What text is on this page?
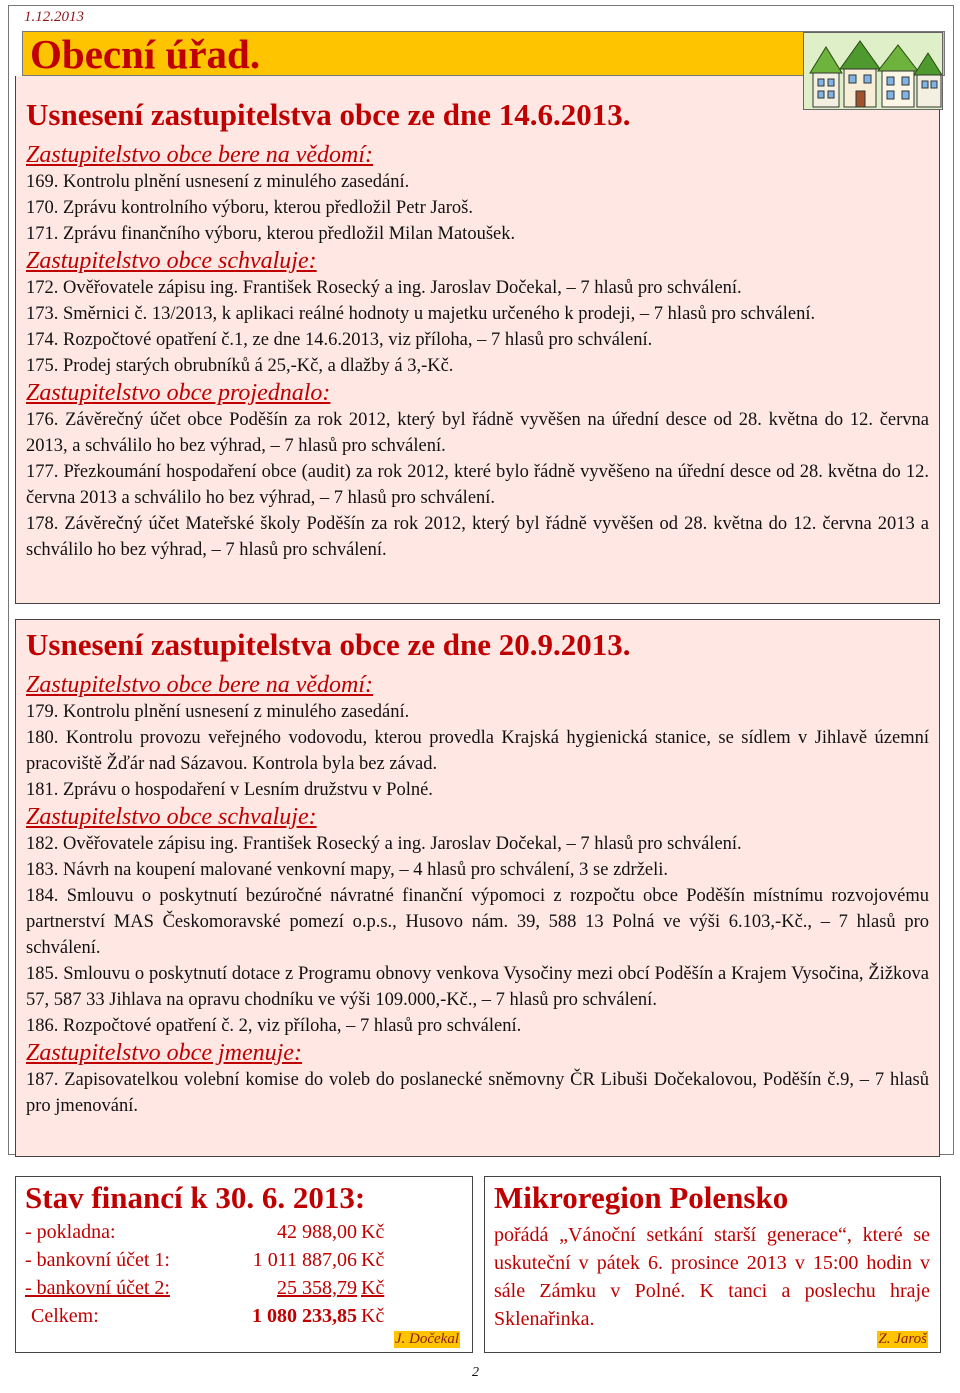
1.12.2013
Usnesení zastupitelstva obce ze dne 14.6.2013.
Zastupitelstvo obce bere na vědomí:
169. Kontrolu plnění usnesení z minulého zasedání.
170. Zprávu kontrolního výboru, kterou předložil Petr Jaroš.
171. Zprávu finančního výboru, kterou předložil Milan Matoušek.
Zastupitelstvo obce schvaluje:
172. Ověřovatele zápisu ing. František Rosecký a ing. Jaroslav Dočekal, – 7 hlasů pro schválení.
173. Směrnici č. 13/2013, k aplikaci reálné hodnoty u majetku určeného k prodeji, – 7 hlasů pro schválení.
174. Rozpočtové opatření č.1, ze dne 14.6.2013, viz příloha, – 7 hlasů pro schválení.
175. Prodej starých obrubníků á 25,-Kč, a dlažby á 3,-Kč.
Zastupitelstvo obce projednalo:
176. Závěrečný účet obce Poděšín za rok 2012, který byl řádně vyvěšen na úřední desce od 28. května do 12. června 2013, a schválilo ho bez výhrad, – 7 hlasů pro schválení.
177. Přezkoumání hospodaření obce (audit) za rok 2012, které bylo řádně vyvěšeno na úřední desce od 28. května do 12. června 2013 a schválilo ho bez výhrad, – 7 hlasů pro schválení.
178. Závěrečný účet Mateřské školy Poděšín za rok 2012, který byl řádně vyvěšen od 28. května do 12. června 2013 a schválilo ho bez výhrad, – 7 hlasů pro schválení.
Obecní úřad.
Usnesení zastupitelstva obce ze dne 20.9.2013.
Zastupitelstvo obce bere na vědomí:
179. Kontrolu plnění usnesení z minulého zasedání.
180. Kontrolu provozu veřejného vodovodu, kterou provedla Krajská hygienická stanice, se sídlem v Jihlavě územní pracoviště Žďár nad Sázavou. Kontrola byla bez závad.
181. Zprávu o hospodaření v Lesním družstvu v Polné.
Zastupitelstvo obce schvaluje:
182. Ověřovatele zápisu ing. František Rosecký a ing. Jaroslav Dočekal, – 7 hlasů pro schválení.
183. Návrh na koupení malované venkovní mapy, – 4 hlasů pro schválení, 3 se zdrželi.
184. Smlouvu o poskytnutí bezúročné návratné finanční výpomoci z rozpočtu obce Poděšín místnímu rozvojovému partnerství MAS Českomoravské pomezí o.p.s., Husovo nám. 39, 588 13 Polná ve výši 6.103,-Kč., – 7 hlasů pro schválení.
185. Smlouvu o poskytnutí dotace z Programu obnovy venkova Vysočiny mezi obcí Poděšín a Krajem Vysočina, Žižkova 57, 587 33 Jihlava na opravu chodníku ve výši 109.000,-Kč., – 7 hlasů pro schválení.
186. Rozpočtové opatření č. 2, viz příloha, – 7 hlasů pro schválení.
Zastupitelstvo obce jmenuje:
187. Zapisovatelkou volební komise do voleb do poslanecké sněmovny ČR Libuši Dočekalovou, Poděšín č.9, – 7 hlasů pro jmenování.
Stav financí k 30. 6. 2013:
- pokladna:	42 988,00 Kč
- bankovní účet 1:	1 011 887,06 Kč
- bankovní účet 2:	25 358,79 Kč
Celkem:	1 080 233,85 Kč
J. Dočekal
Mikroregion Polensko
pořádá „Vánoční setkání starší generace“, které se uskuteční v pátek 6. prosince 2013 v 15:00 hodin v sále Zámku v Polné. K tanci a poslechu hraje Sklenařinka.
Z. Jaroš
2
